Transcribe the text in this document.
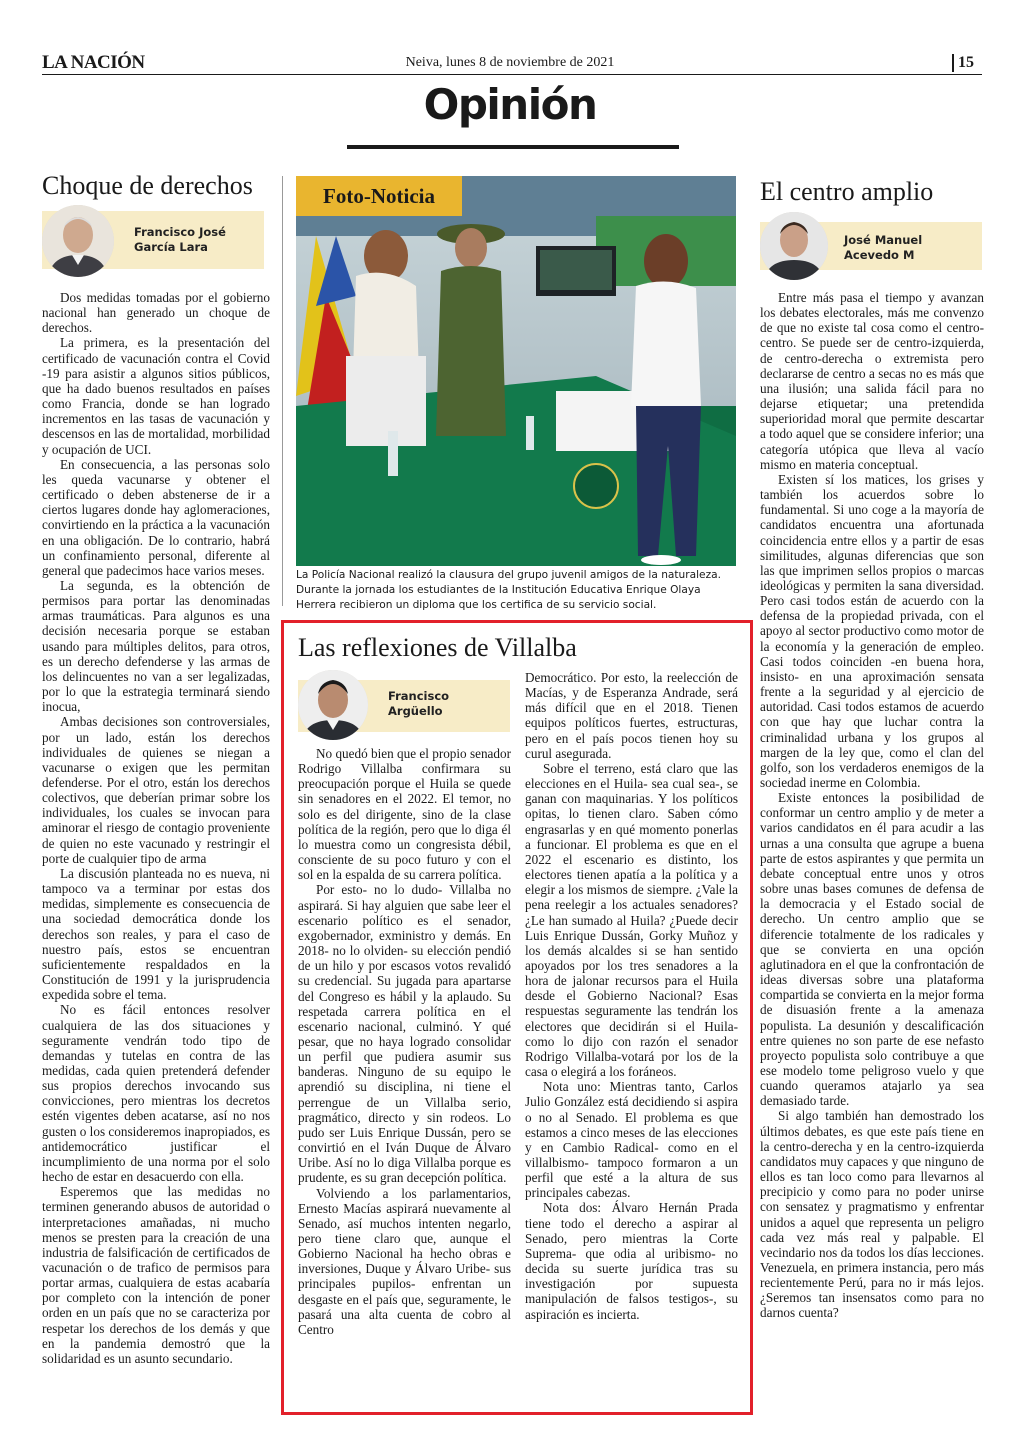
LA NACIÓN	Neiva, lunes 8 de noviembre de 2021	15
Opinión
Choque de derechos
Francisco José
García Lara

Dos medidas tomadas por el gobierno nacional han generado un choque de derechos.

La primera, es la presentación del certificado de vacunación contra el Covid -19 para asistir a algunos sitios públicos, que ha dado buenos resultados en países como Francia, donde se han logrado incrementos en las tasas de vacunación y descensos en las de mortalidad, morbilidad y ocupación de UCI.

En consecuencia, a las personas solo les queda vacunarse y obtener el certificado o deben abstenerse de ir a ciertos lugares donde hay aglomeraciones, convirtiendo en la práctica a la vacunación en una obligación. De lo contrario, habrá un confinamiento personal, diferente al general que padecimos hace varios meses.

La segunda, es la obtención de permisos para portar las denominadas armas traumáticas. Para algunos es una decisión necesaria porque se estaban usando para múltiples delitos, para otros, es un derecho defenderse y las armas de los delincuentes no van a ser legalizadas, por lo que la estrategia terminará siendo inocua,

Ambas decisiones son controversiales, por un lado, están los derechos individuales de quienes se niegan a vacunarse o exigen que les permitan defenderse. Por el otro, están los derechos colectivos, que deberían primar sobre los individuales, los cuales se invocan para aminorar el riesgo de contagio proveniente de quien no este vacunado y restringir el porte de cualquier tipo de arma

La discusión planteada no es nueva, ni tampoco va a terminar por estas dos medidas, simplemente es consecuencia de una sociedad democrática donde los derechos son reales, y para el caso de nuestro país, estos se encuentran suficientemente respaldados en la Constitución de 1991 y la jurisprudencia expedida sobre el tema.

No es fácil entonces resolver cualquiera de las dos situaciones y seguramente vendrán todo tipo de demandas y tutelas en contra de las medidas, cada quien pretenderá defender sus propios derechos invocando sus convicciones, pero mientras los decretos estén vigentes deben acatarse, así no nos gusten o los consideremos inapropiados, es antidemocrático justificar el incumplimiento de una norma por el solo hecho de estar en desacuerdo con ella.

Esperemos que las medidas no terminen generando abusos de autoridad o interpretaciones amañadas, ni mucho menos se presten para la creación de una industria de falsificación de certificados de vacunación o de trafico de permisos para portar armas, cualquiera de estas acabaría por completo con la intención de poner orden en un país que no se caracteriza por respetar los derechos de los demás y que en la pandemia demostró que la solidaridad es un asunto secundario.

Foto-Noticia
La Policía Nacional realizó la clausura del grupo juvenil amigos de la naturaleza. Durante la jornada los estudiantes de la Institución Educativa Enrique Olaya Herrera recibieron un diploma que los certifica de su servicio social.
Las reflexiones de Villalba
Francisco
Argüello

No quedó bien que el propio senador Rodrigo Villalba confirmara su preocupación porque el Huila se quede sin senadores en el 2022. El temor, no solo es del dirigente, sino de la clase política de la región, pero que lo diga él lo muestra como un congresista débil, consciente de su poco futuro y con el sol en la espalda de su carrera política.

Por esto- no lo dudo- Villalba no aspirará. Si hay alguien que sabe leer el escenario político es el senador, exgobernador, exministro y demás. En 2018- no lo olviden- su elección pendió de un hilo y por escasos votos revalidó su credencial. Su jugada para apartarse del Congreso es hábil y la aplaudo. Su respetada carrera política en el escenario nacional, culminó. Y qué pesar, que no haya logrado consolidar un perfil que pudiera asumir sus banderas. Ninguno de su equipo le aprendió su disciplina, ni tiene el perrengue de un Villalba serio, pragmático, directo y sin rodeos. Lo pudo ser Luis Enrique Dussán, pero se convirtió en el Iván Duque de Álvaro Uribe. Así no lo diga Villalba porque es prudente, es su gran decepción política.

Volviendo a los parlamentarios, Ernesto Macías aspirará nuevamente al Senado, así muchos intenten negarlo, pero tiene claro que, aunque el Gobierno Nacional ha hecho obras e inversiones, Duque y Álvaro Uribe- sus principales pupilos- enfrentan un desgaste en el país que, seguramente, le pasará una alta cuenta de cobro al Centro

Democrático. Por esto, la reelección de Macías, y de Esperanza Andrade, será más difícil que en el 2018. Tienen equipos políticos fuertes, estructuras, pero en el país pocos tienen hoy su curul asegurada.

Sobre el terreno, está claro que las elecciones en el Huila- sea cual sea-, se ganan con maquinarias. Y los políticos opitas, lo tienen claro. Saben cómo engrasarlas y en qué momento ponerlas a funcionar. El problema es que en el 2022 el escenario es distinto, los electores tienen apatía a la política y a elegir a los mismos de siempre. ¿Vale la pena reelegir a los actuales senadores? ¿Le han sumado al Huila? ¿Puede decir Luis Enrique Dussán, Gorky Muñoz y los demás alcaldes si se han sentido apoyados por los tres senadores a la hora de jalonar recursos para el Huila desde el Gobierno Nacional? Esas respuestas seguramente las tendrán los electores que decidirán si el Huila- como lo dijo con razón el senador Rodrigo Villalba-votará por los de la casa o elegirá a los foráneos.

Nota uno: Mientras tanto, Carlos Julio González está decidiendo si aspira o no al Senado. El problema es que estamos a cinco meses de las elecciones y en Cambio Radical- como en el villalbismo- tampoco formaron a un perfil que esté a la altura de sus principales cabezas.

Nota dos: Álvaro Hernán Prada tiene todo el derecho a aspirar al Senado, pero mientras la Corte Suprema- que odia al uribismo- no decida su suerte jurídica tras su investigación por supuesta manipulación de falsos testigos-, su aspiración es incierta.

El centro amplio
José Manuel
Acevedo M

Entre más pasa el tiempo y avanzan los debates electorales, más me convenzo de que no existe tal cosa como el centro-centro. Se puede ser de centro-izquierda, de centro-derecha o extremista pero declararse de centro a secas no es más que una ilusión; una salida fácil para no dejarse etiquetar; una pretendida superioridad moral que permite descartar a todo aquel que se considere inferior; una categoría utópica que lleva al vacío mismo en materia conceptual.

Existen sí los matices, los grises y también los acuerdos sobre lo fundamental. Si uno coge a la mayoría de candidatos encuentra una afortunada coincidencia entre ellos y a partir de esas similitudes, algunas diferencias que son las que imprimen sellos propios o marcas ideológicas y permiten la sana diversidad. Pero casi todos están de acuerdo con la defensa de la propiedad privada, con el apoyo al sector productivo como motor de la economía y la generación de empleo. Casi todos coinciden -en buena hora, insisto- en una aproximación sensata frente a la seguridad y al ejercicio de autoridad. Casi todos estamos de acuerdo con que hay que luchar contra la criminalidad urbana y los grupos al margen de la ley que, como el clan del golfo, son los verdaderos enemigos de la sociedad inerme en Colombia.

Existe entonces la posibilidad de conformar un centro amplio y de meter a varios candidatos en él para acudir a las urnas a una consulta que agrupe a buena parte de estos aspirantes y que permita un debate conceptual entre unos y otros sobre unas bases comunes de defensa de la democracia y el Estado social de derecho. Un centro amplio que se diferencie totalmente de los radicales y que se convierta en una opción aglutinadora en el que la confrontación de ideas diversas sobre una plataforma compartida se convierta en la mejor forma de disuasión frente a la amenaza populista. La desunión y descalificación entre quienes no son parte de ese nefasto proyecto populista solo contribuye a que ese modelo tome peligroso vuelo y que cuando queramos atajarlo ya sea demasiado tarde.

Si algo también han demostrado los últimos debates, es que este país tiene en la centro-derecha y en la centro-izquierda candidatos muy capaces y que ninguno de ellos es tan loco como para llevarnos al precipicio y como para no poder unirse con sensatez y pragmatismo y enfrentar unidos a aquel que representa un peligro cada vez más real y palpable. El vecindario nos da todos los días lecciones. Venezuela, en primera instancia, pero más recientemente Perú, para no ir más lejos. ¿Seremos tan insensatos como para no darnos cuenta?
